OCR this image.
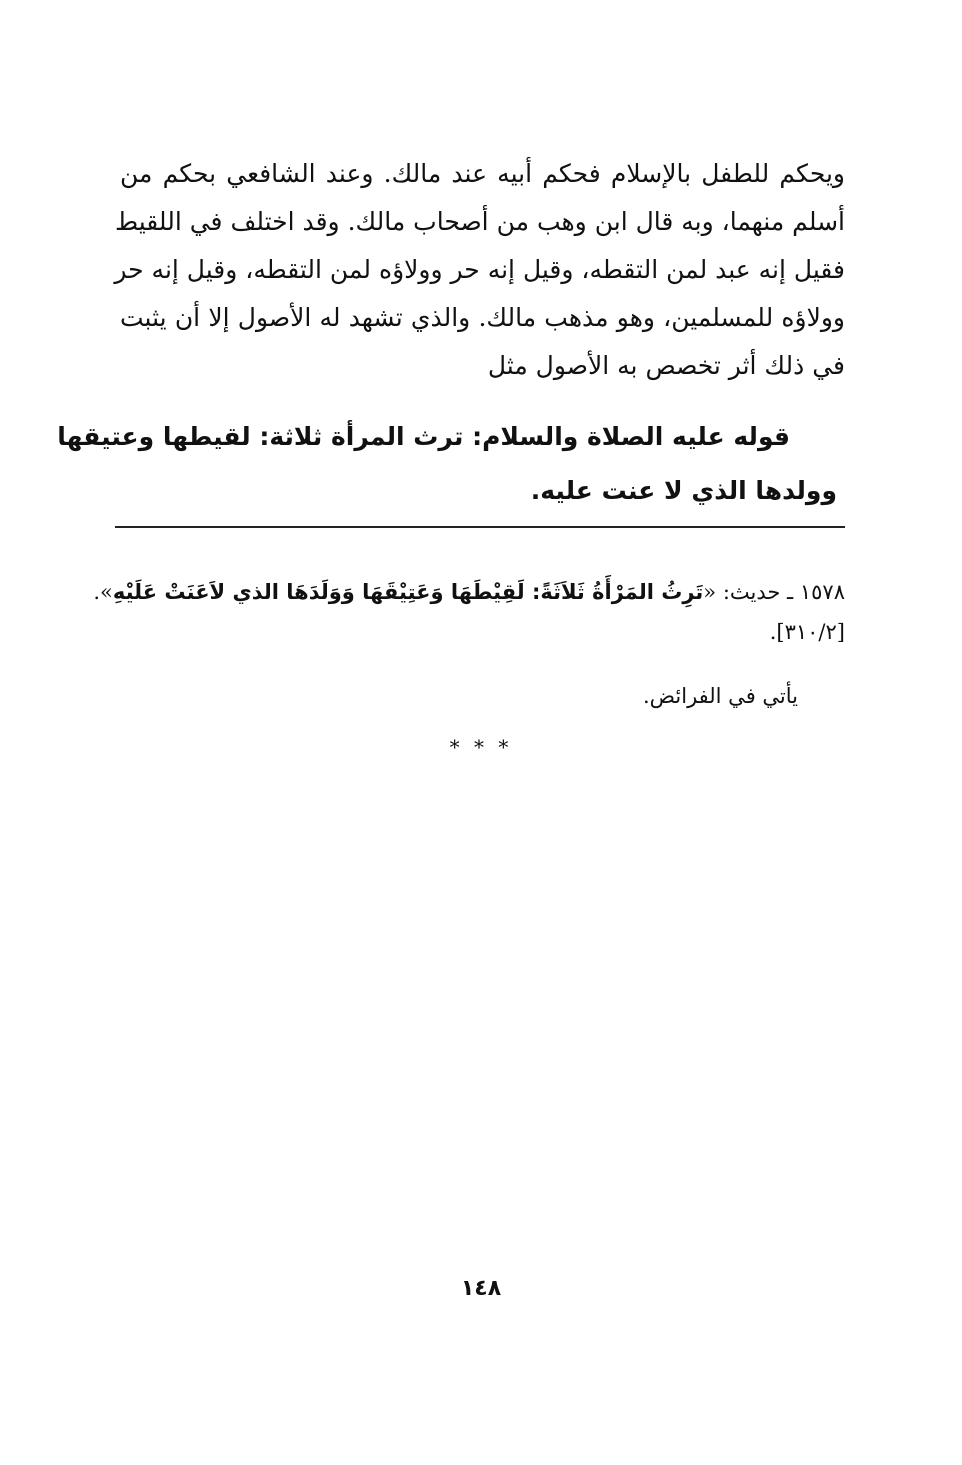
ويحكم للطفل بالإسلام فحكم أبيه عند مالك. وعند الشافعي بحكم من
أسلم منهما، وبه قال ابن وهب من أصحاب مالك. وقد اختلف في اللقيط
فقيل إنه عبد لمن التقطه، وقيل إنه حر وولاؤه لمن التقطه، وقيل إنه حر
وولاؤه للمسلمين، وهو مذهب مالك. والذي تشهد له الأصول إلا أن يثبت
في ذلك أثر تخصص به الأصول مثل
قوله عليه الصلاة والسلام: ترث المرأة ثلاثة: لقيطها وعتيقها
وولدها الذي لا عنت عليه.
١٥٧٨ ـ حديث: «تَرِثُ المَرْأَةُ ثَلاَثَةً: لَقِيْطَهَا وَعَتِيْقَهَا وَوَلَدَهَا الذي لاَعَنَتْ عَلَيْهِ».
[٣١٠/٢].
يأتي في الفرائض.
* * *
١٤٨
